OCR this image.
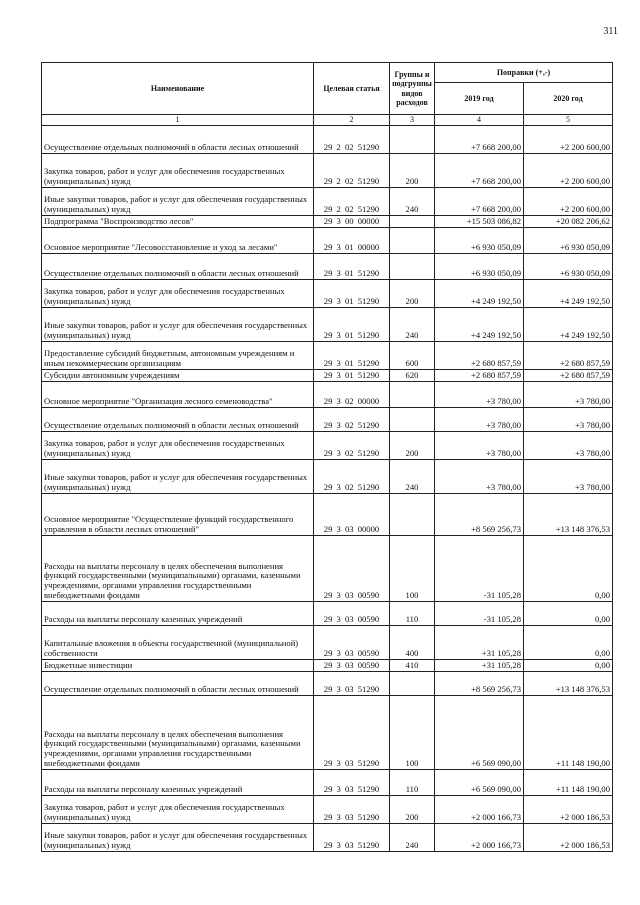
311
Наименование	Целевая статья	Группы и подгруппы видов расходов	Поправки (+,-)	
			2019 год	2020 год
1	2	3	4	5
Осуществление отдельных полномочий в области лесных отношений	29 2 02 51290		+7 668 200,00	+2 200 600,00
Закупка товаров, работ и услуг для обеспечения государственных (муниципальных) нужд	29 2 02 51290	200	+7 668 200,00	+2 200 600,00
Иные закупки товаров, работ и услуг для обеспечения государственных (муниципальных) нужд	29 2 02 51290	240	+7 668 200,00	+2 200 600,00
Подпрограмма "Воспроизводство лесов"	29 3 00 00000		+15 503 086,82	+20 082 206,62
Основное мероприятие "Лесовосстановление и уход за лесами"	29 3 01 00000		+6 930 050,09	+6 930 050,09
Осуществление отдельных полномочий в области лесных отношений	29 3 01 51290		+6 930 050,09	+6 930 050,09
Закупка товаров, работ и услуг для обеспечения государственных (муниципальных) нужд	29 3 01 51290	200	+4 249 192,50	+4 249 192,50
Иные закупки товаров, работ и услуг для обеспечения государственных (муниципальных) нужд	29 3 01 51290	240	+4 249 192,50	+4 249 192,50
Предоставление субсидий бюджетным, автономным учреждениям и иным некоммерческим организациям	29 3 01 51290	600	+2 680 857,59	+2 680 857,59
Субсидии автономным учреждениям	29 3 01 51290	620	+2 680 857,59	+2 680 857,59
Основное мероприятие "Организация лесного семеноводства"	29 3 02 00000		+3 780,00	+3 780,00
Осуществление отдельных полномочий в области лесных отношений	29 3 02 51290		+3 780,00	+3 780,00
Закупка товаров, работ и услуг для обеспечения государственных (муниципальных) нужд	29 3 02 51290	200	+3 780,00	+3 780,00
Иные закупки товаров, работ и услуг для обеспечения государственных (муниципальных) нужд	29 3 02 51290	240	+3 780,00	+3 780,00
Основное мероприятие "Осуществление функций государственного управления в области лесных отношений"	29 3 03 00000		+8 569 256,73	+13 148 376,53
Расходы на выплаты персоналу в целях обеспечения выполнения функций государственными (муниципальными) органами, казенными учреждениями, органами управления государственными внебюджетными фондами	29 3 03 00590	100	-31 105,28	0,00
Расходы на выплаты персоналу казенных учреждений	29 3 03 00590	110	-31 105,28	0,00
Капитальные вложения в объекты государственной (муниципальной) собственности	29 3 03 00590	400	+31 105,28	0,00
Бюджетные инвестиции	29 3 03 00590	410	+31 105,28	0,00
Осуществление отдельных полномочий в области лесных отношений	29 3 03 51290		+8 569 256,73	+13 148 376,53
Расходы на выплаты персоналу в целях обеспечения выполнения функций государственными (муниципальными) органами, казенными учреждениями, органами управления государственными внебюджетными фондами	29 3 03 51290	100	+6 569 090,00	+11 148 190,00
Расходы на выплаты персоналу казенных учреждений	29 3 03 51290	110	+6 569 090,00	+11 148 190,00
Закупка товаров, работ и услуг для обеспечения государственных (муниципальных) нужд	29 3 03 51290	200	+2 000 166,73	+2 000 186,53
Иные закупки товаров, работ и услуг для обеспечения государственных (муниципальных) нужд	29 3 03 51290	240	+2 000 166,73	+2 000 186,53
